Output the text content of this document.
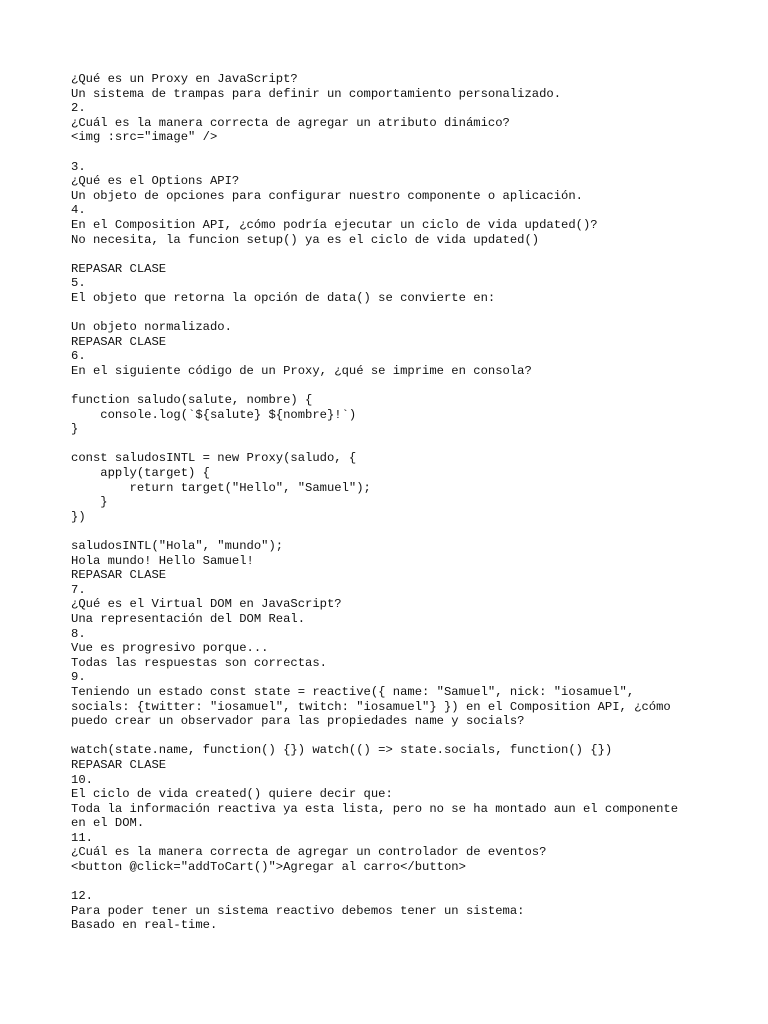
¿Qué es un Proxy en JavaScript?
Un sistema de trampas para definir un comportamiento personalizado.
2.
¿Cuál es la manera correcta de agregar un atributo dinámico?
<img :src="image" />
3.
¿Qué es el Options API?
Un objeto de opciones para configurar nuestro componente o aplicación.
4.
En el Composition API, ¿cómo podría ejecutar un ciclo de vida updated()?
No necesita, la funcion setup() ya es el ciclo de vida updated()
REPASAR CLASE
5.
El objeto que retorna la opción de data() se convierte en:
Un objeto normalizado.
REPASAR CLASE
6.
En el siguiente código de un Proxy, ¿qué se imprime en consola?
function saludo(salute, nombre) {
console.log(`${salute} ${nombre}!`)
}
const saludosINTL = new Proxy(saludo, {
apply(target) {
return target("Hello", "Samuel");
}
})
saludosINTL("Hola", "mundo");
Hola mundo! Hello Samuel!
REPASAR CLASE
7.
¿Qué es el Virtual DOM en JavaScript?
Una representación del DOM Real.
8.
Vue es progresivo porque...
Todas las respuestas son correctas.
9.
Teniendo un estado const state = reactive({ name: "Samuel", nick: "iosamuel",
socials: {twitter: "iosamuel", twitch: "iosamuel"} }) en el Composition API, ¿cómo
puedo crear un observador para las propiedades name y socials?
watch(state.name, function() {}) watch(() => state.socials, function() {})
REPASAR CLASE
10.
El ciclo de vida created() quiere decir que:
Toda la información reactiva ya esta lista, pero no se ha montado aun el componente
en el DOM.
11.
¿Cuál es la manera correcta de agregar un controlador de eventos?
<button @click="addToCart()">Agregar al carro</button>
12.
Para poder tener un sistema reactivo debemos tener un sistema:
Basado en real-time.
